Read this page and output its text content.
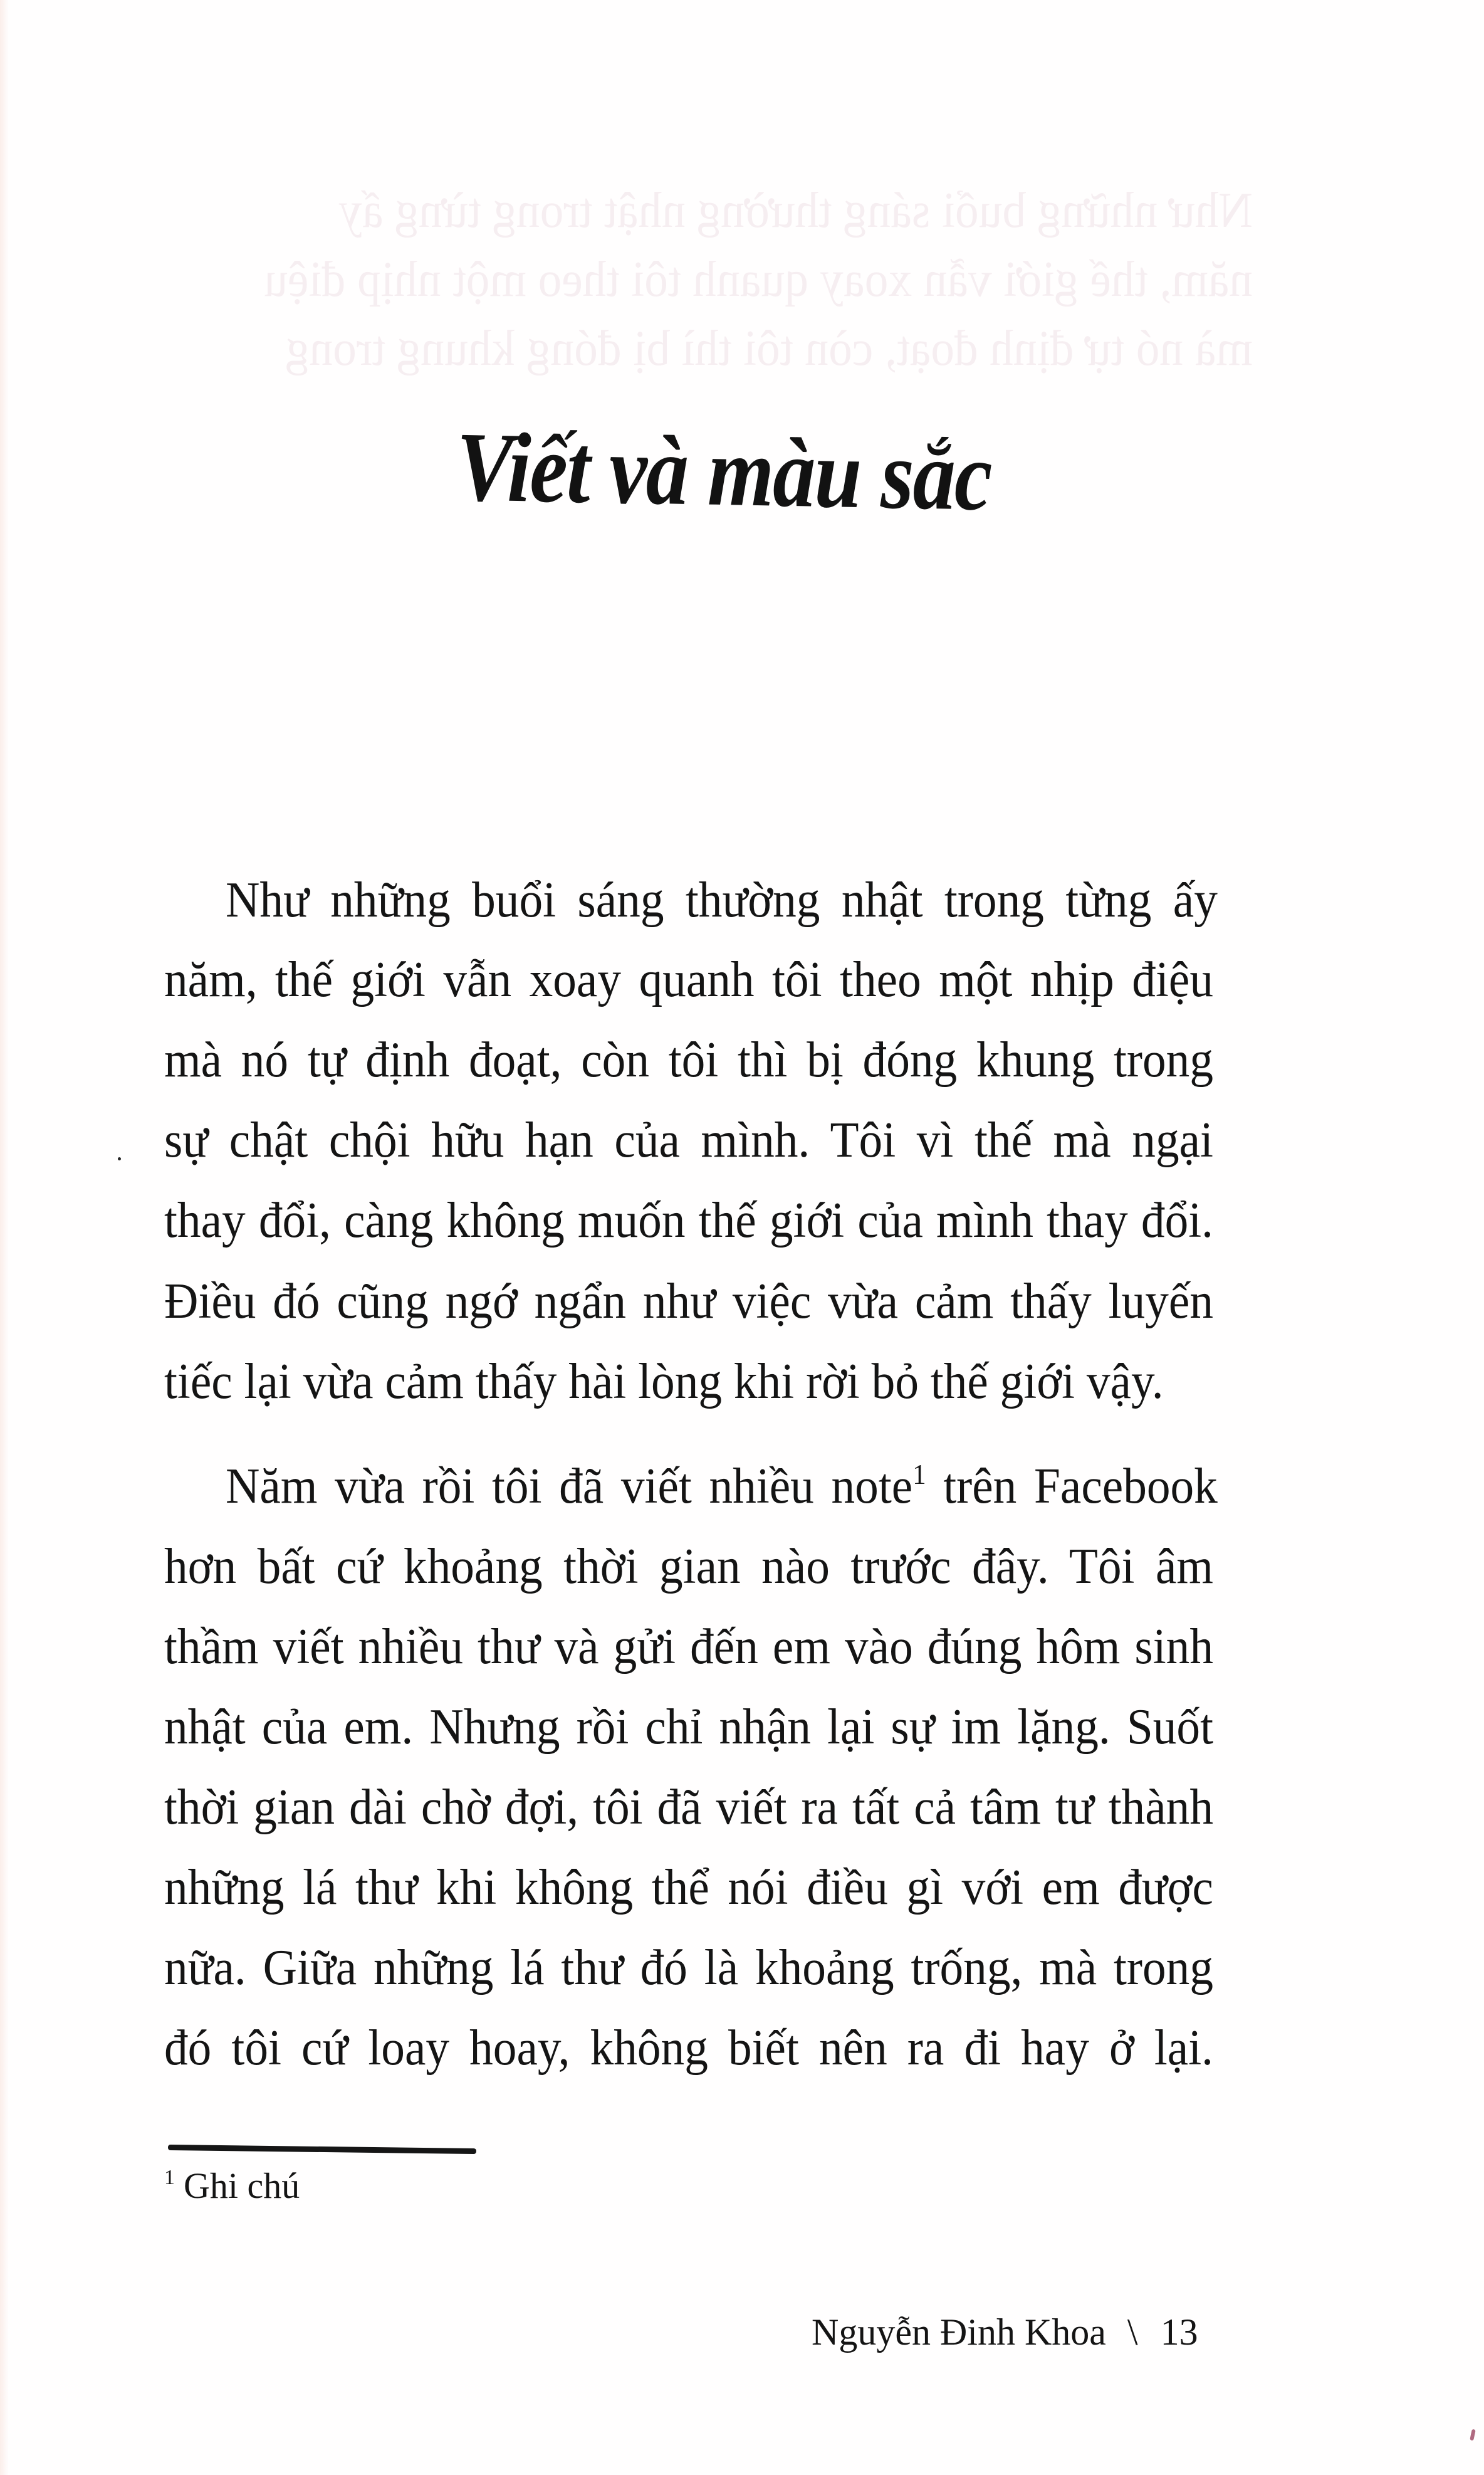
Như những buổi sáng thường nhật trong từng ấy
năm, thế giới vẫn xoay quanh tôi theo một nhịp điệu
mà nó tự định đoạt, còn tôi thì bị đóng khung trong
Viết và màu sắc
Như những buổi sáng thường nhật trong từng ấy
năm, thế giới vẫn xoay quanh tôi theo một nhịp điệu
mà nó tự định đoạt, còn tôi thì bị đóng khung trong
sự chật chội hữu hạn của mình. Tôi vì thế mà ngại
thay đổi, càng không muốn thế giới của mình thay đổi.
Điều đó cũng ngớ ngẩn như việc vừa cảm thấy luyến
tiếc lại vừa cảm thấy hài lòng khi rời bỏ thế giới vậy.
Năm vừa rồi tôi đã viết nhiều note$^1$ trên Facebook
hơn bất cứ khoảng thời gian nào trước đây. Tôi âm
thầm viết nhiều thư và gửi đến em vào đúng hôm sinh
nhật của em. Nhưng rồi chỉ nhận lại sự im lặng. Suốt
thời gian dài chờ đợi, tôi đã viết ra tất cả tâm tư thành
những lá thư khi không thể nói điều gì với em được
nữa. Giữa những lá thư đó là khoảng trống, mà trong
đó tôi cứ loay hoay, không biết nên ra đi hay ở lại.
$^1$ Ghi chú
Nguyễn Đinh Khoa \ 13
